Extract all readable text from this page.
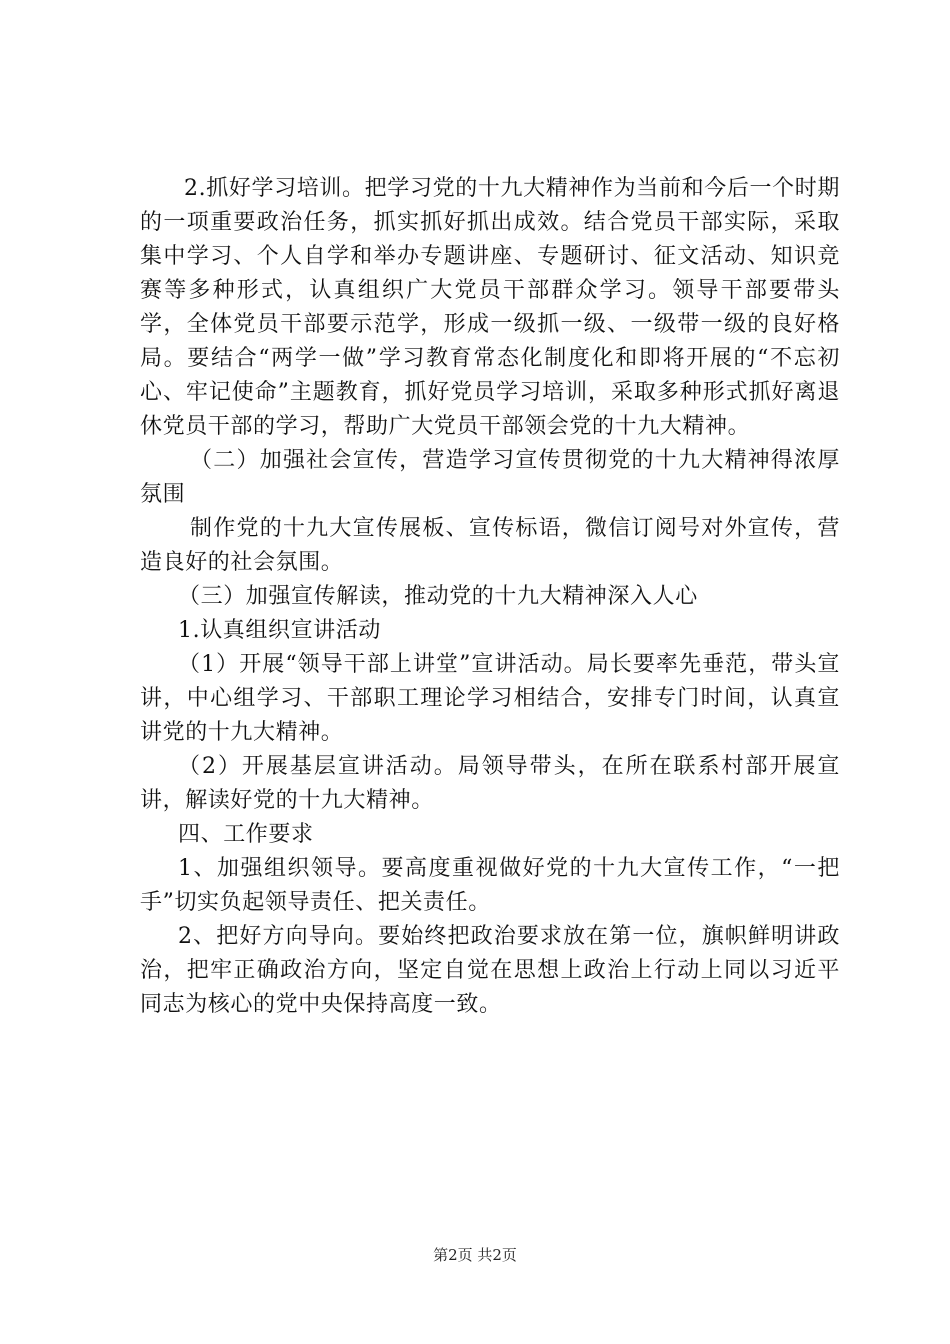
2.抓好学习培训。把学习党的十九大精神作为当前和今后一个时期的一项重要政治任务，抓实抓好抓出成效。结合党员干部实际，采取集中学习、个人自学和举办专题讲座、专题研讨、征文活动、知识竞赛等多种形式，认真组织广大党员干部群众学习。领导干部要带头学，全体党员干部要示范学，形成一级抓一级、一级带一级的良好格局。要结合“两学一做”学习教育常态化制度化和即将开展的“不忘初心、牢记使命”主题教育，抓好党员学习培训，采取多种形式抓好离退休党员干部的学习，帮助广大党员干部领会党的十九大精神。

（二）加强社会宣传，营造学习宣传贯彻党的十九大精神得浓厚氛围

制作党的十九大宣传展板、宣传标语，微信订阅号对外宣传，营造良好的社会氛围。

（三）加强宣传解读，推动党的十九大精神深入人心

1.认真组织宣讲活动

（1）开展“领导干部上讲堂”宣讲活动。局长要率先垂范，带头宣讲，中心组学习、干部职工理论学习相结合，安排专门时间，认真宣讲党的十九大精神。

（2）开展基层宣讲活动。局领导带头，在所在联系村部开展宣讲，解读好党的十九大精神。

四、工作要求

1、加强组织领导。要高度重视做好党的十九大宣传工作，“一把手”切实负起领导责任、把关责任。

2、把好方向导向。要始终把政治要求放在第一位，旗帜鲜明讲政治，把牢正确政治方向，坚定自觉在思想上政治上行动上同以习近平同志为核心的党中央保持高度一致。

第2页 共2页
